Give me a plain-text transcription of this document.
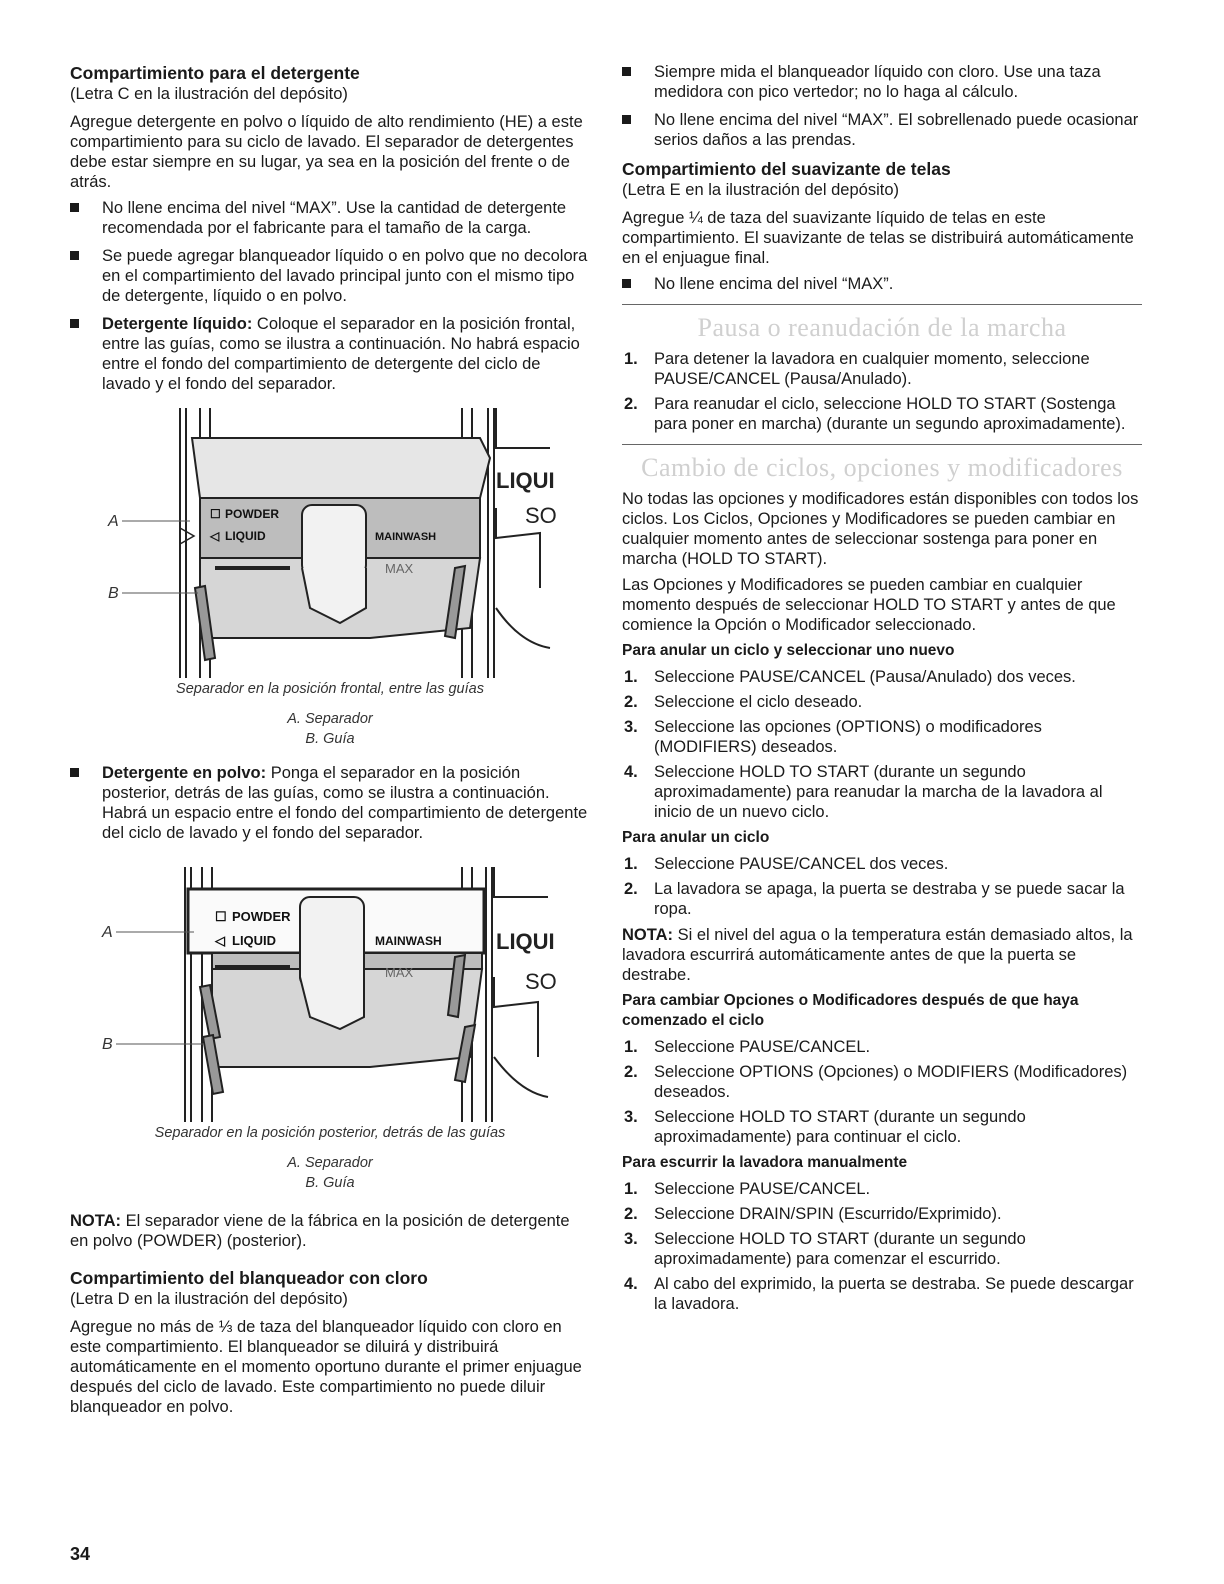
Compartimiento para el detergente

(Letra C en la ilustración del depósito)

Agregue detergente en polvo o líquido de alto rendimiento (HE) a este compartimiento para su ciclo de lavado. El separador de detergentes debe estar siempre en su lugar, ya sea en la posición del frente o de atrás.

No llene encima del nivel “MAX”. Use la cantidad de detergente recomendada por el fabricante para el tamaño de la carga.
Se puede agregar blanqueador líquido o en polvo que no decolora en el compartimiento del lavado principal junto con el mismo tipo de detergente, líquido o en polvo.
Detergente líquido: Coloque el separador en la posición frontal, entre las guías, como se ilustra a continuación. No habrá espacio entre el fondo del compartimiento de detergente del ciclo de lavado y el fondo del separador.
☐ POWDER
◁ LIQUID	MAINWASH
MAX
LIQUI
SO
A
B

Separador en la posición frontal, entre las guías

A. Separador

B. Guía

Detergente en polvo: Ponga el separador en la posición posterior, detrás de las guías, como se ilustra a continuación. Habrá un espacio entre el fondo del compartimiento de detergente del ciclo de lavado y el fondo del separador.
☐ POWDER
◁ LIQUID	MAINWASH
MAX
LIQUI
SO
A
B

Separador en la posición posterior, detrás de las guías

A. Separador

B. Guía

NOTA: El separador viene de la fábrica en la posición de detergente en polvo (POWDER) (posterior).

Compartimiento del blanqueador con cloro

(Letra D en la ilustración del depósito)

Agregue no más de ⅓ de taza del blanqueador líquido con cloro en este compartimiento. El blanqueador se diluirá y distribuirá automáticamente en el momento oportuno durante el primer enjuague después del ciclo de lavado. Este compartimiento no puede diluir blanqueador en polvo.

Siempre mida el blanqueador líquido con cloro. Use una taza medidora con pico vertedor; no lo haga al cálculo.
No llene encima del nivel “MAX”. El sobrellenado puede ocasionar serios daños a las prendas.
Compartimiento del suavizante de telas

(Letra E en la ilustración del depósito)

Agregue ¼ de taza del suavizante líquido de telas en este compartimiento. El suavizante de telas se distribuirá automáticamente en el enjuague final.

No llene encima del nivel “MAX”.
Pausa o reanudación de la marcha
1. Para detener la lavadora en cualquier momento, seleccione PAUSE/CANCEL (Pausa/Anulado).
2. Para reanudar el ciclo, seleccione HOLD TO START (Sostenga para poner en marcha) (durante un segundo aproximadamente).
Cambio de ciclos, opciones y modificadores

No todas las opciones y modificadores están disponibles con todos los ciclos. Los Ciclos, Opciones y Modificadores se pueden cambiar en cualquier momento antes de seleccionar sostenga para poner en marcha (HOLD TO START).

Las Opciones y Modificadores se pueden cambiar en cualquier momento después de seleccionar HOLD TO START y antes de que comience la Opción o Modificador seleccionado.

Para anular un ciclo y seleccionar uno nuevo
1. Seleccione PAUSE/CANCEL (Pausa/Anulado) dos veces.
2. Seleccione el ciclo deseado.
3. Seleccione las opciones (OPTIONS) o modificadores (MODIFIERS) deseados.
4. Seleccione HOLD TO START (durante un segundo aproximadamente) para reanudar la marcha de la lavadora al inicio de un nuevo ciclo.
Para anular un ciclo
1. Seleccione PAUSE/CANCEL dos veces.
2. La lavadora se apaga, la puerta se destraba y se puede sacar la ropa.

NOTA: Si el nivel del agua o la temperatura están demasiado altos, la lavadora escurrirá automáticamente antes de que la puerta se destrabe.

Para cambiar Opciones o Modificadores después de que haya comenzado el ciclo
1. Seleccione PAUSE/CANCEL.
2. Seleccione OPTIONS (Opciones) o MODIFIERS (Modificadores) deseados.
3. Seleccione HOLD TO START (durante un segundo aproximadamente) para continuar el ciclo.
Para escurrir la lavadora manualmente
1. Seleccione PAUSE/CANCEL.
2. Seleccione DRAIN/SPIN (Escurrido/Exprimido).
3. Seleccione HOLD TO START (durante un segundo aproximadamente) para comenzar el escurrido.
4. Al cabo del exprimido, la puerta se destraba. Se puede descargar la lavadora.
34
